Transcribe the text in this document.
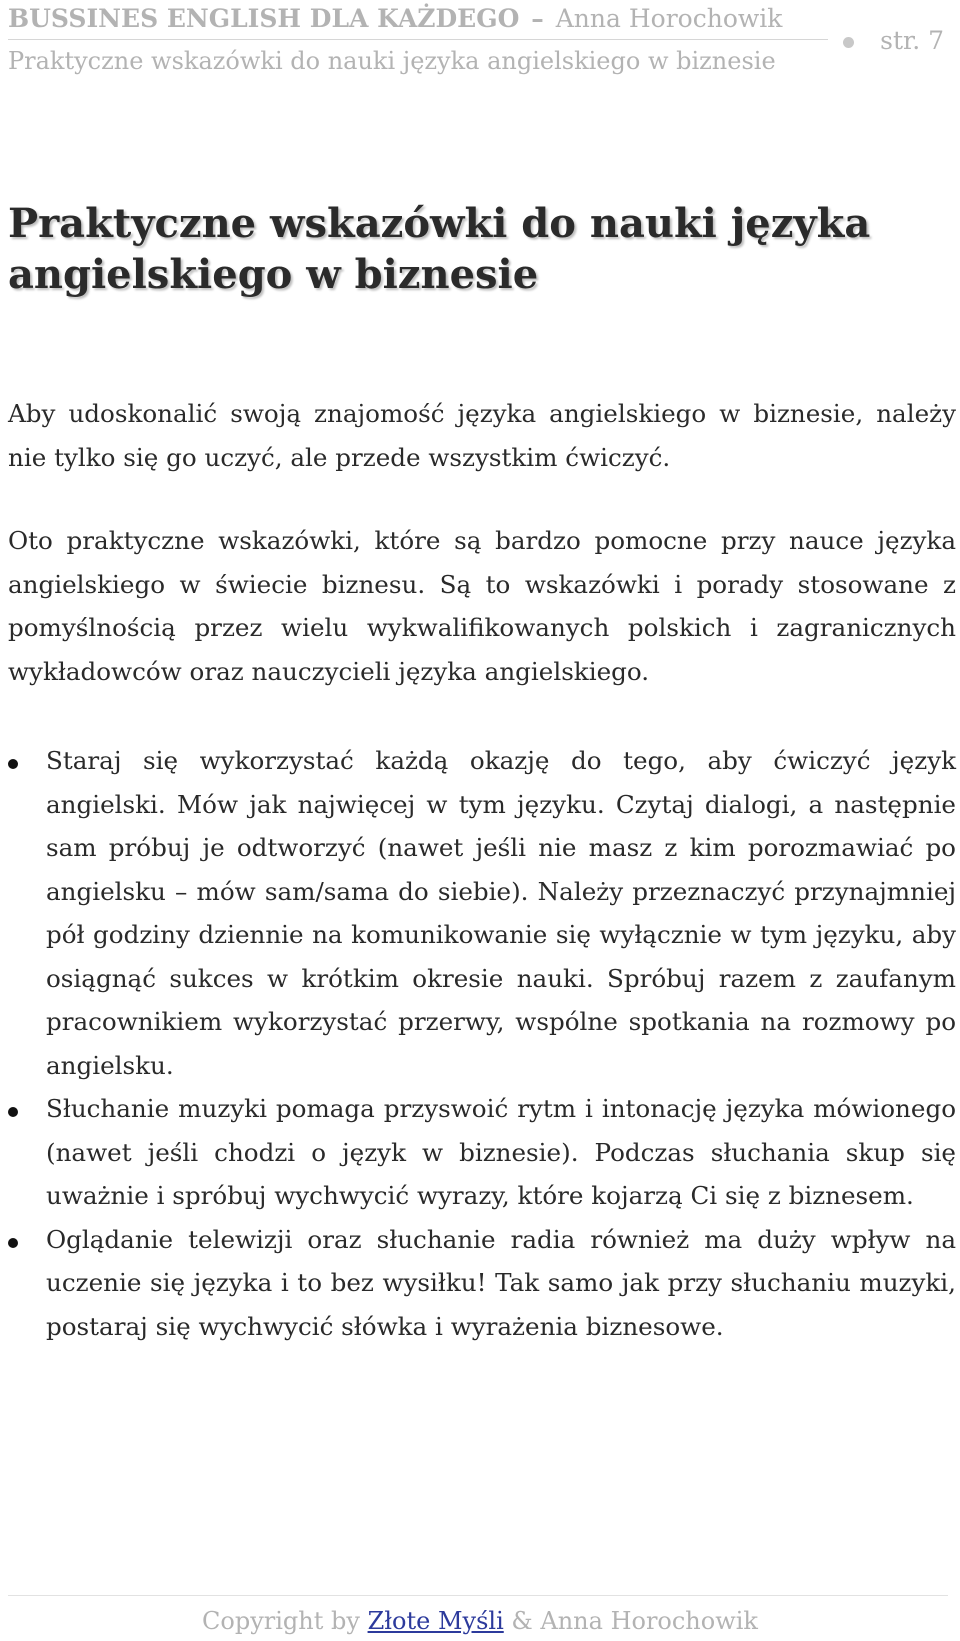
BUSSINES ENGLISH DLA KAŻDEGO – Anna Horochowik
Praktyczne wskazówki do nauki języka angielskiego w biznesie
str. 7
Praktyczne wskazówki do nauki języka angielskiego w biznesie

Aby udoskonalić swoją znajomość języka angielskiego w biznesie, należy nie tylko się go uczyć, ale przede wszystkim ćwiczyć.

Oto praktyczne wskazówki, które są bardzo pomocne przy nauce języka angielskiego w świecie biznesu. Są to wskazówki i porady stosowane z pomyślnością przez wielu wykwalifikowanych polskich i zagranicznych wykładowców oraz nauczycieli języka angielskiego.

Staraj się wykorzystać każdą okazję do tego, aby ćwiczyć język angielski. Mów jak najwięcej w tym języku. Czytaj dialogi, a następnie sam próbuj je odtworzyć (nawet jeśli nie masz z kim porozmawiać po angielsku – mów sam/sama do siebie). Należy przeznaczyć przynajmniej pół godziny dziennie na komunikowanie się wyłącznie w tym języku, aby osiągnąć sukces w krótkim okresie nauki. Spróbuj razem z zaufanym pracownikiem wykorzystać przerwy, wspólne spotkania na rozmowy po angielsku.
Słuchanie muzyki pomaga przyswoić rytm i intonację języka mówionego (nawet jeśli chodzi o język w biznesie). Podczas słuchania skup się uważnie i spróbuj wychwycić wyrazy, które kojarzą Ci się z biznesem.
Oglądanie telewizji oraz słuchanie radia również ma duży wpływ na uczenie się języka i to bez wysiłku! Tak samo jak przy słuchaniu muzyki, postaraj się wychwycić słówka i wyrażenia biznesowe.
Copyright by Złote Myśli & Anna Horochowik
